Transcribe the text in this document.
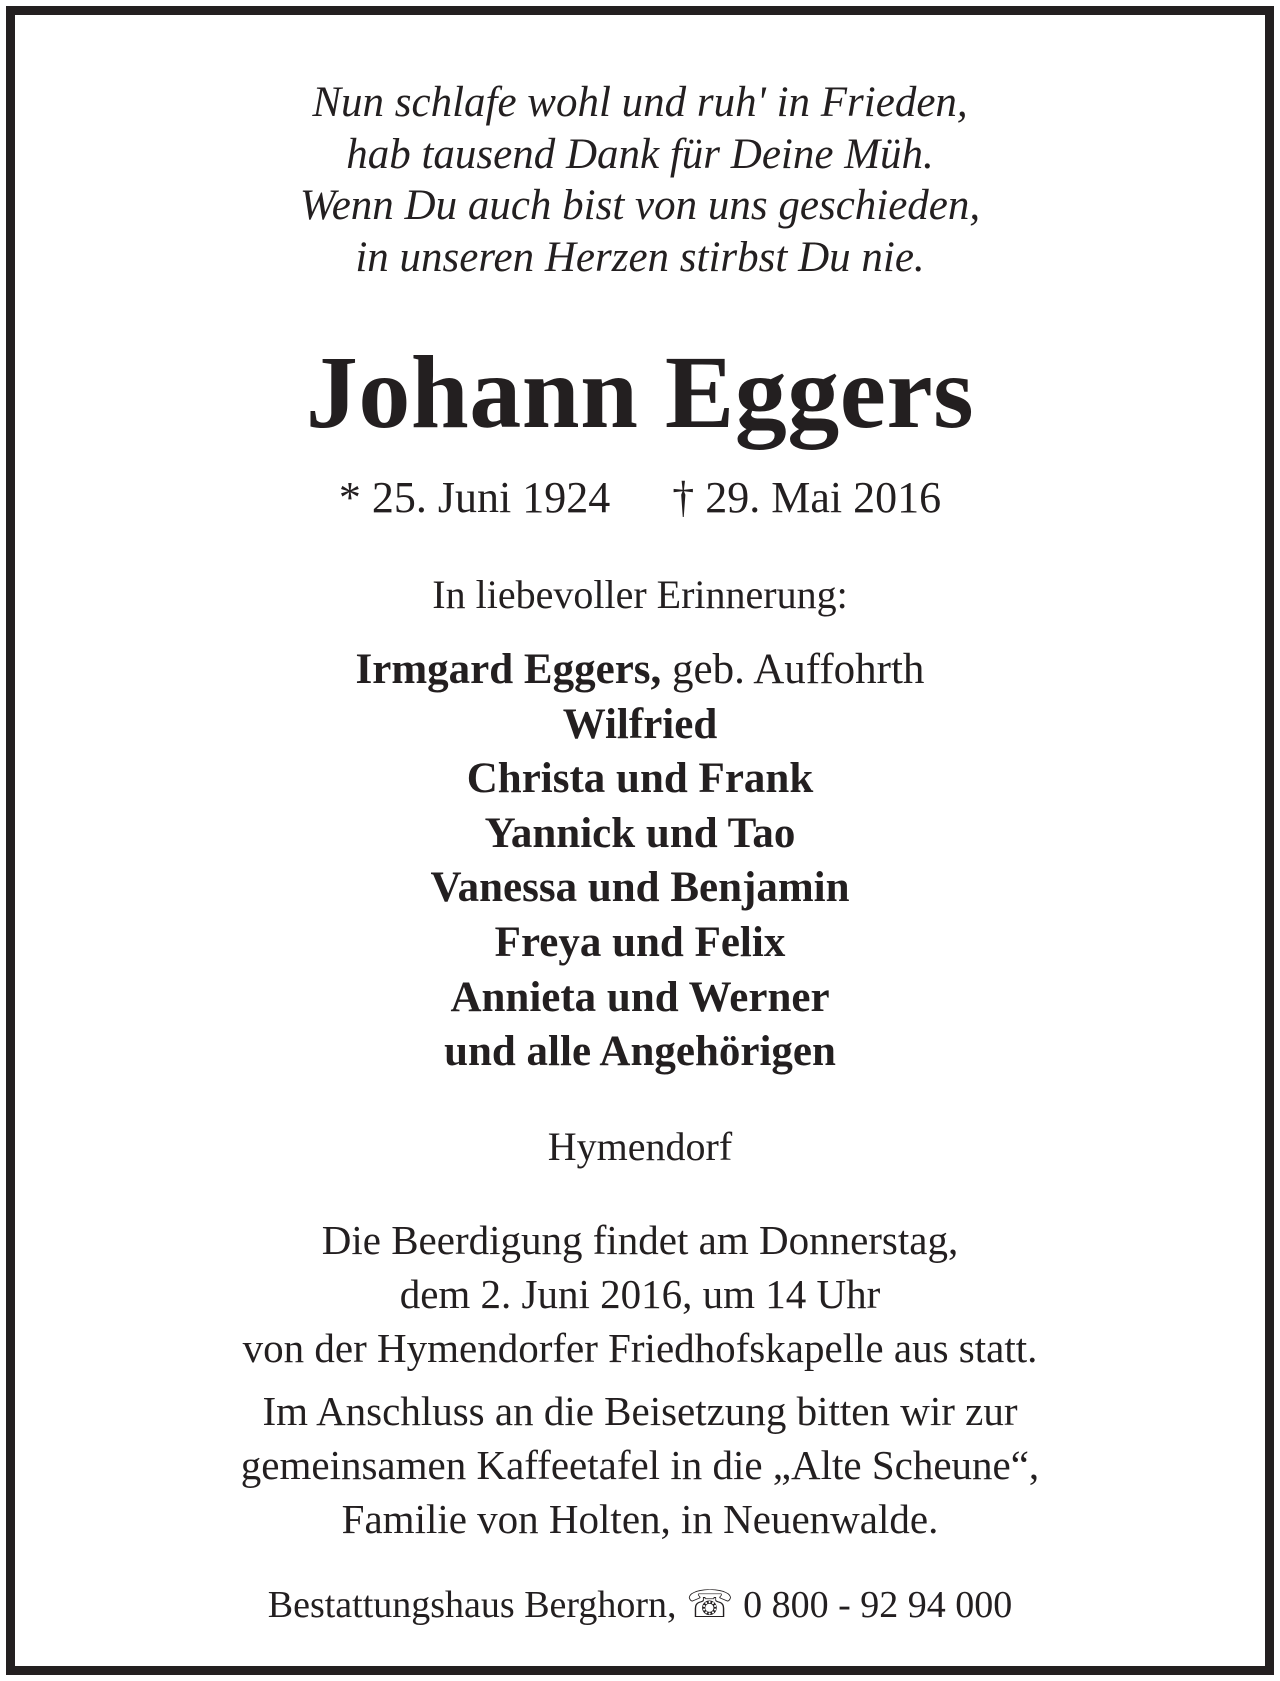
Nun schlafe wohl und ruh' in Frieden,
hab tausend Dank für Deine Müh.
Wenn Du auch bist von uns geschieden,
in unseren Herzen stirbst Du nie.
Johann Eggers
* 25. Juni 1924 † 29. Mai 2016
In liebevoller Erinnerung:
Irmgard Eggers, geb. Auffohrth
Wilfried
Christa und Frank
Yannick und Tao
Vanessa und Benjamin
Freya und Felix
Annieta und Werner
und alle Angehörigen
Hymendorf
Die Beerdigung findet am Donnerstag,
dem 2. Juni 2016, um 14 Uhr
von der Hymendorfer Friedhofskapelle aus statt.
Im Anschluss an die Beisetzung bitten wir zur
gemeinsamen Kaffeetafel in die „Alte Scheune“,
Familie von Holten, in Neuenwalde.
Bestattungshaus Berghorn, ☏ 0 800 - 92 94 000
